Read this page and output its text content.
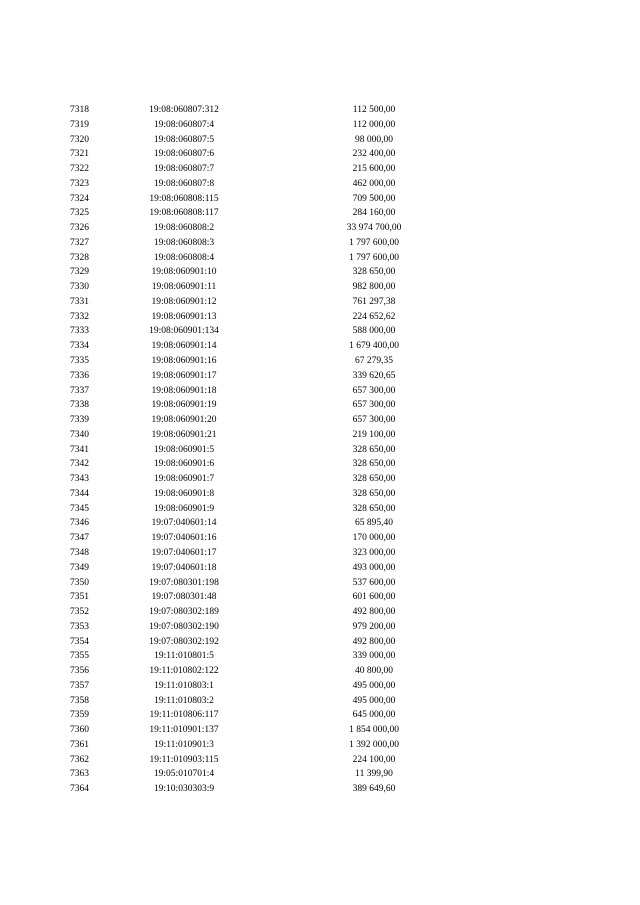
7318	19:08:060807:312	112 500,00
7319	19:08:060807:4	112 000,00
7320	19:08:060807:5	98 000,00
7321	19:08:060807:6	232 400,00
7322	19:08:060807:7	215 600,00
7323	19:08:060807:8	462 000,00
7324	19:08:060808:115	709 500,00
7325	19:08:060808:117	284 160,00
7326	19:08:060808:2	33 974 700,00
7327	19:08:060808:3	1 797 600,00
7328	19:08:060808:4	1 797 600,00
7329	19:08:060901:10	328 650,00
7330	19:08:060901:11	982 800,00
7331	19:08:060901:12	761 297,38
7332	19:08:060901:13	224 652,62
7333	19:08:060901:134	588 000,00
7334	19:08:060901:14	1 679 400,00
7335	19:08:060901:16	67 279,35
7336	19:08:060901:17	339 620,65
7337	19:08:060901:18	657 300,00
7338	19:08:060901:19	657 300,00
7339	19:08:060901:20	657 300,00
7340	19:08:060901:21	219 100,00
7341	19:08:060901:5	328 650,00
7342	19:08:060901:6	328 650,00
7343	19:08:060901:7	328 650,00
7344	19:08:060901:8	328 650,00
7345	19:08:060901:9	328 650,00
7346	19:07:040601:14	65 895,40
7347	19:07:040601:16	170 000,00
7348	19:07:040601:17	323 000,00
7349	19:07:040601:18	493 000,00
7350	19:07:080301:198	537 600,00
7351	19:07:080301:48	601 600,00
7352	19:07:080302:189	492 800,00
7353	19:07:080302:190	979 200,00
7354	19:07:080302:192	492 800,00
7355	19:11:010801:5	339 000,00
7356	19:11:010802:122	40 800,00
7357	19:11:010803:1	495 000,00
7358	19:11:010803:2	495 000,00
7359	19:11:010806:117	645 000,00
7360	19:11:010901:137	1 854 000,00
7361	19:11:010901:3	1 392 000,00
7362	19:11:010903:115	224 100,00
7363	19:05:010701:4	11 399,90
7364	19:10:030303:9	389 649,60
